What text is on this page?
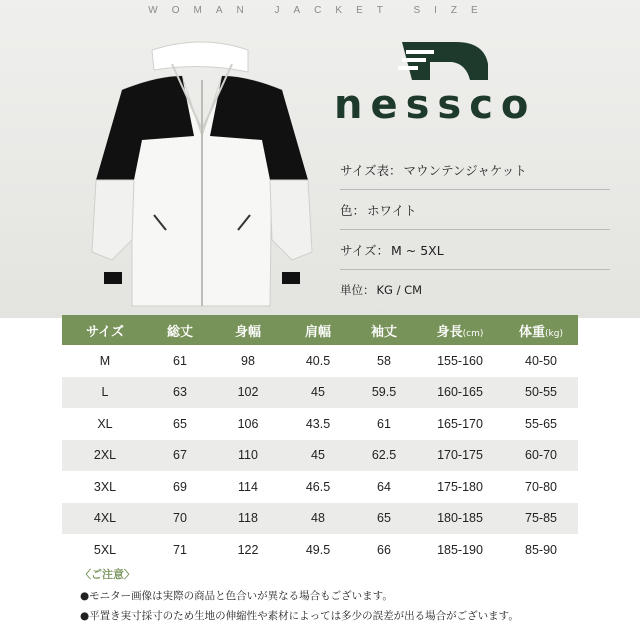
WOMAN JACKET SIZE
nessco
サイズ表： マウンテンジャケット
色： ホワイト
サイズ： M ~ 5XL
単位： KG / CM
サイズ	総丈	身幅	肩幅	袖丈	身長(cm)	体重(kg)
M	61	98	40.5	58	155-160	40-50
L	63	102	45	59.5	160-165	50-55
XL	65	106	43.5	61	165-170	55-65
2XL	67	110	45	62.5	170-175	60-70
3XL	69	114	46.5	64	175-180	70-80
4XL	70	118	48	65	180-185	75-85
5XL	71	122	49.5	66	185-190	85-90
〈ご注意〉
●モニター画像は実際の商品と色合いが異なる場合もございます。
●平置き実寸採寸のため生地の伸縮性や素材によっては多少の誤差が出る場合がございます。
